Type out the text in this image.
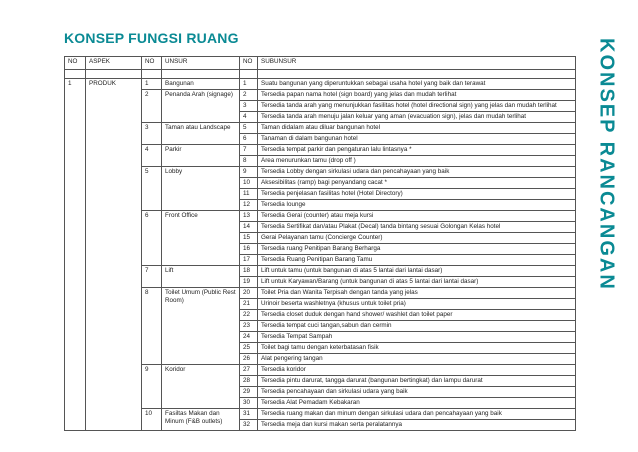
KONSEP FUNGSI RUANG	KONSEP RANCANGAN
NO	ASPEK	NO	UNSUR	NO	SUBUNSUR

1	PRODUK	1	Bangunan	1	Suatu bangunan yang diperuntukkan sebagai usaha hotel yang baik dan terawat
		2	Penanda Arah (signage)	2	Tersedia papan nama hotel (sign board) yang jelas dan mudah terlihat
				3	Tersedia tanda arah yang menunjukkan fasilitas hotel (hotel directional sign) yang jelas dan mudah terlihat
				4	Tersedia tanda arah menuju jalan keluar yang aman (evacuation sign), jelas dan mudah terlihat
		3	Taman atau Landscape	5	Taman didalam atau diluar bangunan hotel
				6	Tanaman di dalam bangunan hotel
		4	Parkir	7	Tersedia tempat parkir dan pengaturan lalu lintasnya *
				8	Area menurunkan tamu (drop off )
		5	Lobby	9	Tersedia Lobby dengan sirkulasi udara dan pencahayaan yang baik
				10	Aksesibilitas (ramp) bagi penyandang cacat *
				11	Tersedia penjelasan fasilitas hotel (Hotel Directory)
				12	Tersedia lounge
		6	Front Office	13	Tersedia Gerai (counter) atau meja kursi
				14	Tersedia Sertifikat dan/atau Plakat (Decal) tanda bintang sesuai Golongan Kelas hotel
				15	Gerai Pelayanan tamu (Concierge Counter)
				16	Tersedia ruang Penitipan Barang Berharga
				17	Tersedia Ruang Penitipan Barang Tamu
		7	Lift	18	Lift untuk tamu (untuk bangunan di atas 5 lantai dari lantai dasar)
				19	Lift untuk Karyawan/Barang (untuk bangunan di atas 5 lantai dari lantai dasar)
		8	Toilet Umum (Public Rest Room)	20	Toilet Pria dan Wanita Terpisah dengan tanda yang jelas
				21	Urinoir beserta washletnya (khusus untuk toilet pria)
				22	Tersedia closet duduk dengan hand shower/ washlet dan toilet paper
				23	Tersedia tempat cuci tangan,sabun dan cermin
				24	Tersedia Tempat Sampah
				25	Toilet bagi tamu dengan keterbatasan fisik
				26	Alat pengering tangan
		9	Koridor	27	Tersedia koridor
				28	Tersedia pintu darurat, tangga darurat (bangunan bertingkat) dan lampu darurat
				29	Tersedia pencahayaan dan sirkulasi udara yang baik
				30	Tersedia Alat Pemadam Kebakaran
		10	Fasiltas Makan dan Minum (F&B outlets)	31	Tersedia ruang makan dan minum dengan sirkulasi udara dan pencahayaan yang baik
				32	Tersedia meja dan kursi makan serta peralatannya
